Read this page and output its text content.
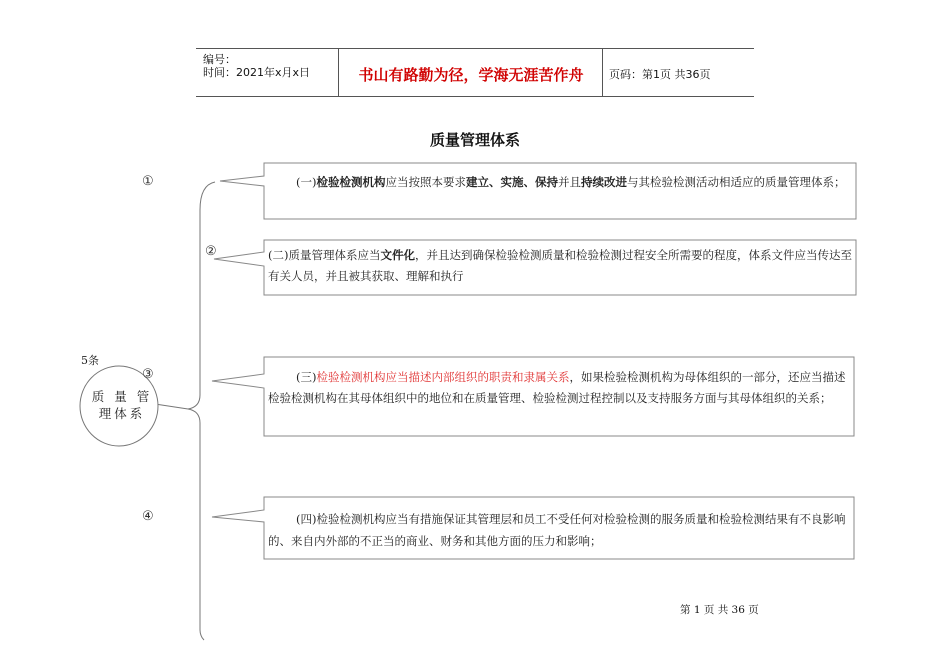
编号：
时间：2021年x月x日	书山有路勤为径，学海无涯苦作舟	页码：第1页 共36页
质量管理体系
①
②
③
④
5条
质 量 管 理体系
(一)检验检测机构应当按照本要求建立、实施、保持并且持续改进与其检验检测活动相适应的质量管理体系；
(二)质量管理体系应当文件化，并且达到确保检验检测质量和检验检测过程安全所需要的程度，体系文件应当传达至有关人员，并且被其获取、理解和执行
(三)检验检测机构应当描述内部组织的职责和隶属关系，如果检验检测机构为母体组织的一部分，还应当描述检验检测机构在其母体组织中的地位和在质量管理、检验检测过程控制以及支持服务方面与其母体组织的关系；
(四)检验检测机构应当有措施保证其管理层和员工不受任何对检验检测的服务质量和检验检测结果有不良影响的、来自内外部的不正当的商业、财务和其他方面的压力和影响；
第 1 页 共 36 页
